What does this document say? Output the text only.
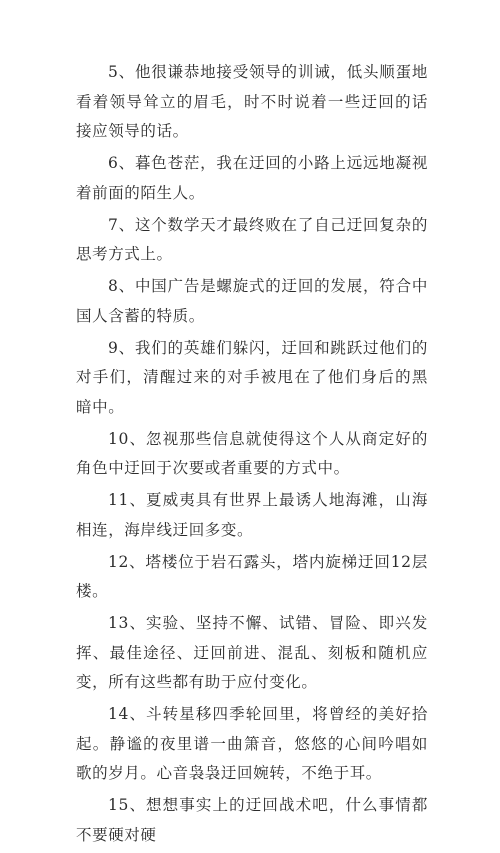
5、他很谦恭地接受领导的训诫，低头顺蛋地看着领导耸立的眉毛，时不时说着一些迂回的话接应领导的话。

6、暮色苍茫，我在迂回的小路上远远地凝视着前面的陌生人。

7、这个数学天才最终败在了自己迂回复杂的思考方式上。

8、中国广告是螺旋式的迂回的发展，符合中国人含蓄的特质。

9、我们的英雄们躲闪，迂回和跳跃过他们的对手们，清醒过来的对手被甩在了他们身后的黑暗中。

10、忽视那些信息就使得这个人从商定好的角色中迂回于次要或者重要的方式中。

11、夏威夷具有世界上最诱人地海滩，山海相连，海岸线迂回多变。

12、塔楼位于岩石露头，塔内旋梯迂回12层楼。

13、实验、坚持不懈、试错、冒险、即兴发挥、最佳途径、迂回前进、混乱、刻板和随机应变，所有这些都有助于应付变化。

14、斗转星移四季轮回里，将曾经的美好拾起。静谧的夜里谱一曲箫音，悠悠的心间吟唱如歌的岁月。心音袅袅迂回婉转，不绝于耳。

15、想想事实上的迂回战术吧，什么事情都不要硬对硬
